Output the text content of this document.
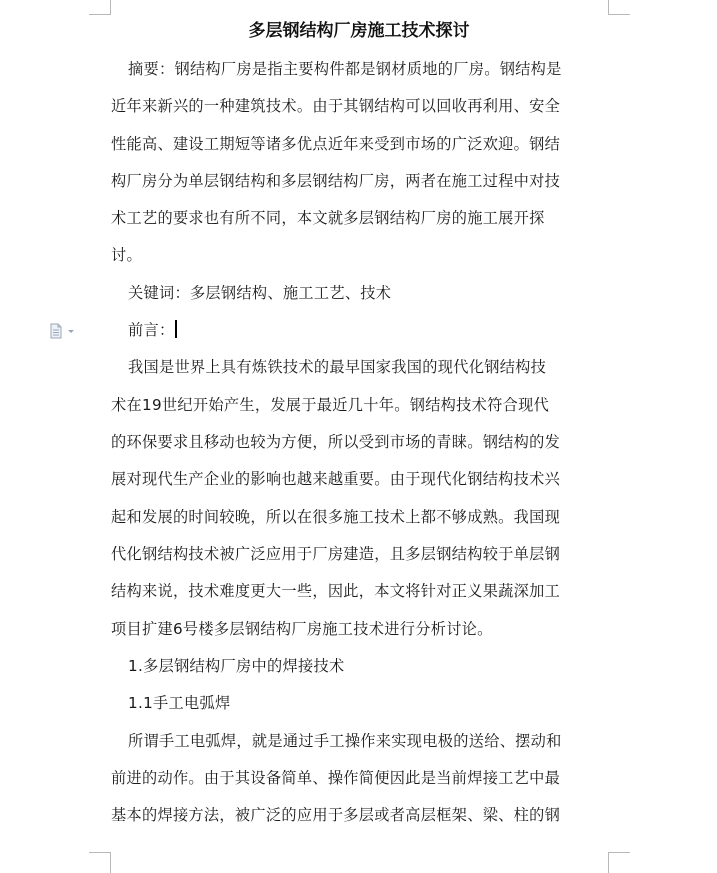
多层钢结构厂房施工技术探讨
摘要：钢结构厂房是指主要构件都是钢材质地的厂房。钢结构是
近年来新兴的一种建筑技术。由于其钢结构可以回收再利用、安全
性能高、建设工期短等诸多优点近年来受到市场的广泛欢迎。钢结
构厂房分为单层钢结构和多层钢结构厂房，两者在施工过程中对技
术工艺的要求也有所不同，本文就多层钢结构厂房的施工展开探
讨。
关键词：多层钢结构、施工工艺、技术
前言：
我国是世界上具有炼铁技术的最早国家我国的现代化钢结构技
术在19世纪开始产生，发展于最近几十年。钢结构技术符合现代
的环保要求且移动也较为方便，所以受到市场的青睐。钢结构的发
展对现代生产企业的影响也越来越重要。由于现代化钢结构技术兴
起和发展的时间较晚，所以在很多施工技术上都不够成熟。我国现
代化钢结构技术被广泛应用于厂房建造，且多层钢结构较于单层钢
结构来说，技术难度更大一些，因此，本文将针对正义果蔬深加工
项目扩建6号楼多层钢结构厂房施工技术进行分析讨论。
1.多层钢结构厂房中的焊接技术
1.1手工电弧焊
所谓手工电弧焊，就是通过手工操作来实现电极的送给、摆动和
前进的动作。由于其设备简单、操作简便因此是当前焊接工艺中最
基本的焊接方法，被广泛的应用于多层或者高层框架、梁、柱的钢
